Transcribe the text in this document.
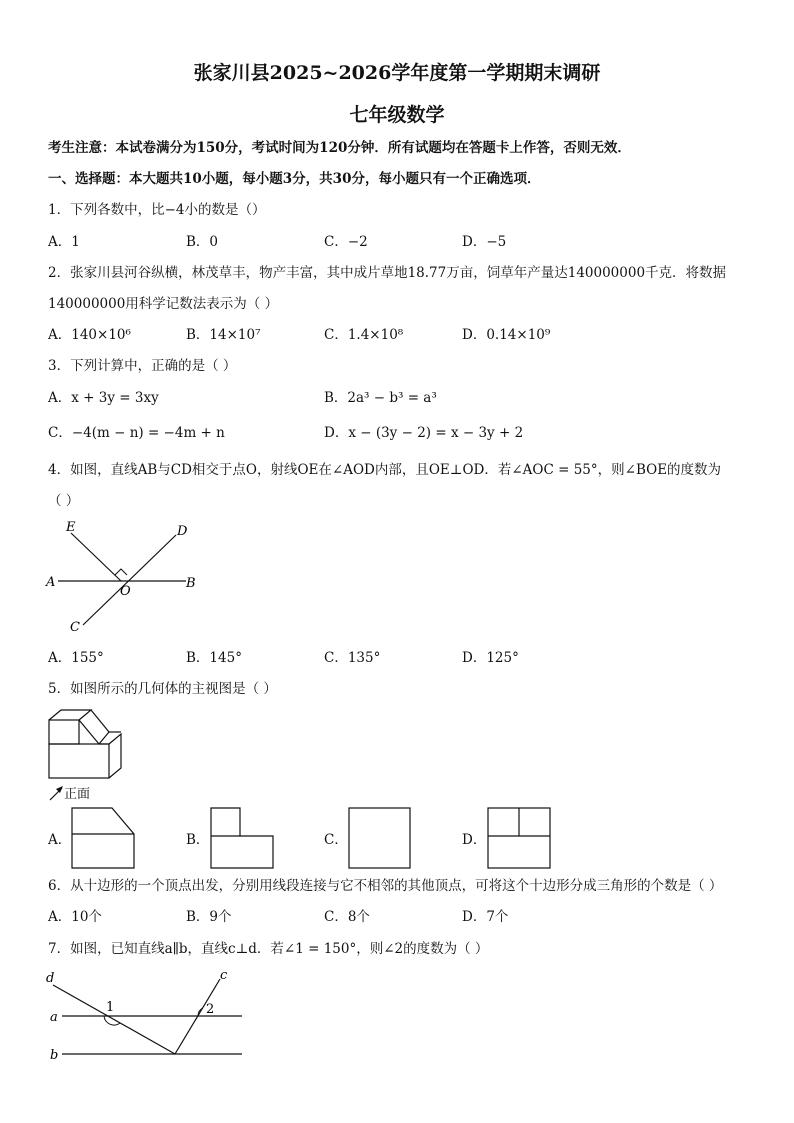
张家川县2025~2026学年度第一学期期末调研
七年级数学
考生注意：本试卷满分为150分，考试时间为120分钟．所有试题均在答题卡上作答，否则无效．
一、选择题：本大题共10小题，每小题3分，共30分，每小题只有一个正确选项．
1．下列各数中，比−4小的数是（）
A．1	B．0	C．−2	D．−5
2．张家川县河谷纵横，林茂草丰，物产丰富，其中成片草地18.77万亩，饲草年产量达140000000千克．将数据
140000000用科学记数法表示为（ ）
A．140×10⁶	B．14×10⁷	C．1.4×10⁸	D．0.14×10⁹
3．下列计算中，正确的是（ ）
A．x + 3y = 3xy	B．2a³ − b³ = a³
C．−4(m − n) = −4m + n	D．x − (3y − 2) = x − 3y + 2
4．如图，直线AB与CD相交于点O，射线OE在∠AOD内部，且OE⊥OD．若∠AOC = 55°，则∠BOE的度数为
（ ）
E	D
A
O
B
C
A．155°	B．145°	C．135°	D．125°
5．如图所示的几何体的主视图是（ ）
正面
A．	B．	C．	D．
6．从十边形的一个顶点出发，分别用线段连接与它不相邻的其他顶点，可将这个十边形分成三角形的个数是（ ）
A．10个	B．9个	C．8个	D．7个
7．如图，已知直线a∥b，直线c⊥d．若∠1 = 150°，则∠2的度数为（ ）
d	c
1	2
a
b
